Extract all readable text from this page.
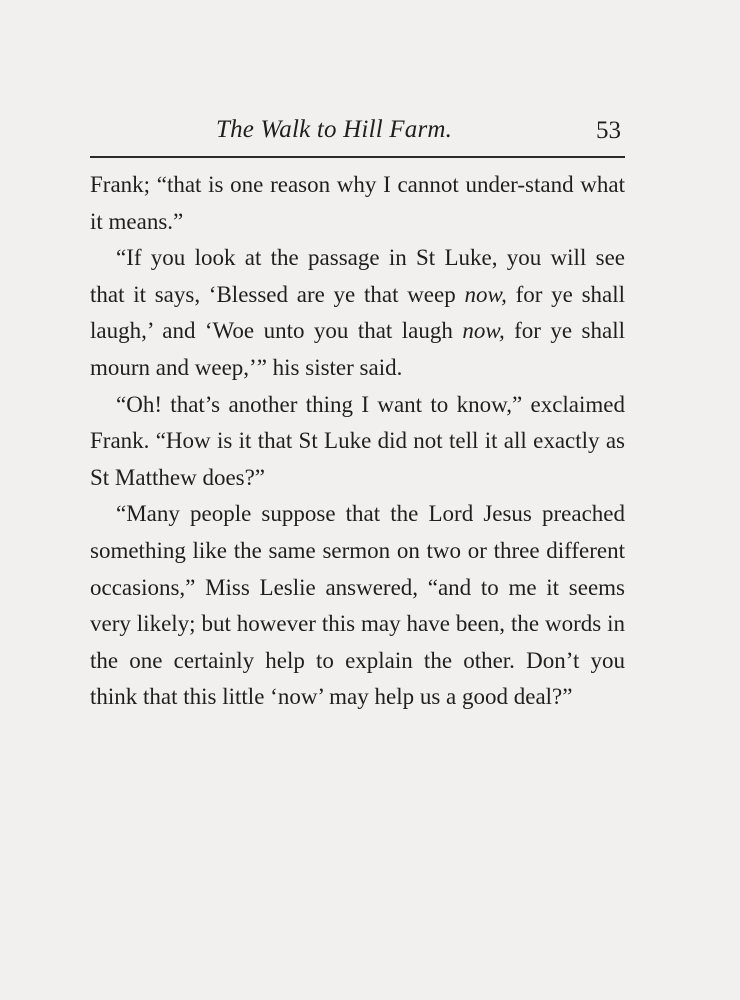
The Walk to Hill Farm.	53

Frank; “that is one reason why I cannot under-stand what it means.”

“If you look at the passage in St Luke, you will see that it says, ‘Blessed are ye that weep now, for ye shall laugh,’ and ‘Woe unto you that laugh now, for ye shall mourn and weep,’” his sister said.

“Oh! that’s another thing I want to know,” exclaimed Frank. “How is it that St Luke did not tell it all exactly as St Matthew does?”

“Many people suppose that the Lord Jesus preached something like the same sermon on two or three different occasions,” Miss Leslie answered, “and to me it seems very likely; but however this may have been, the words in the one certainly help to explain the other. Don’t you think that this little ‘now’ may help us a good deal?”
